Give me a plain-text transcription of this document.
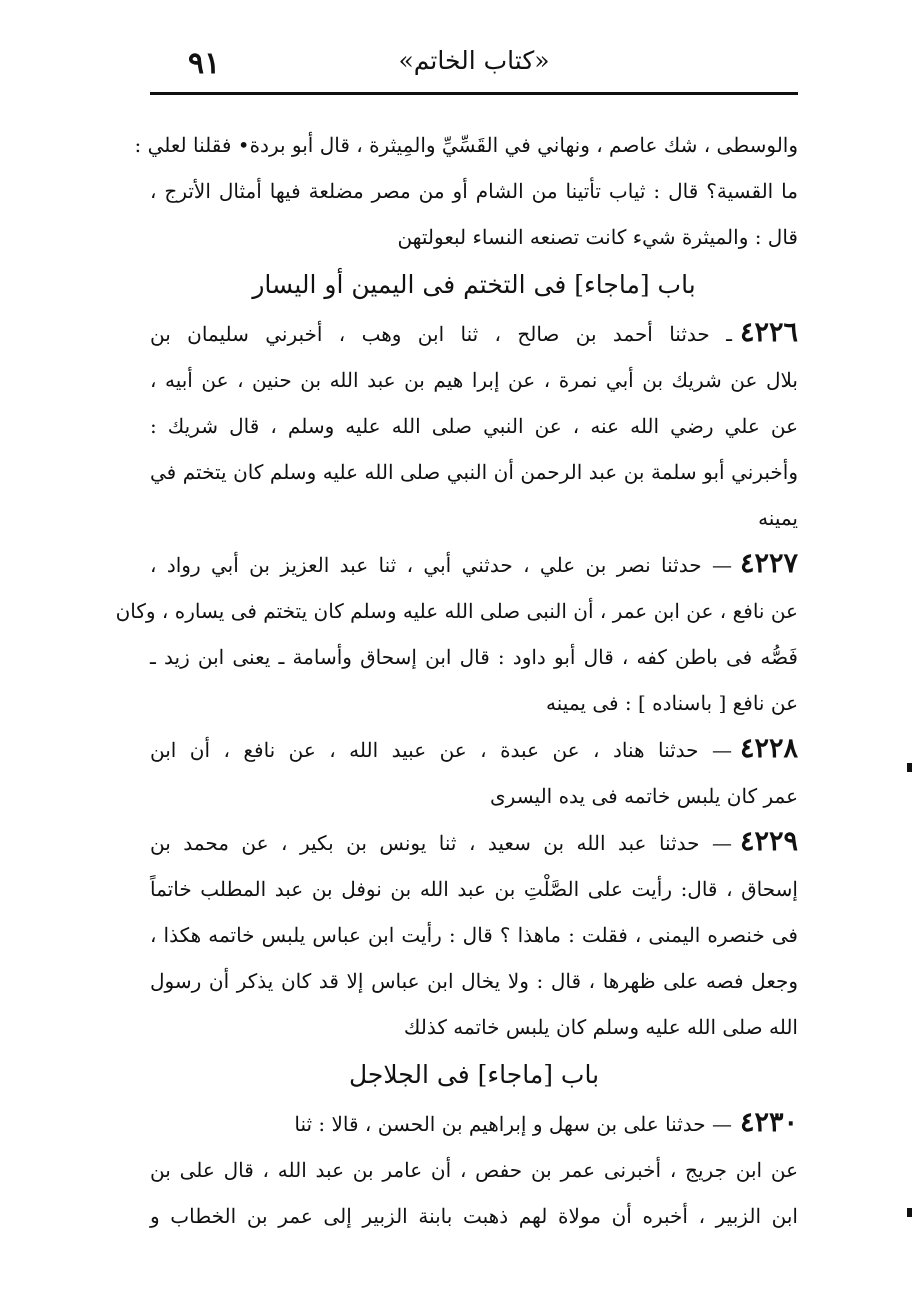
٩١	«كتاب الخاتم»
والوسطى ، شك عاصم ، ونهاني في القَسِّيِّ والمِيثرة ، قال أبو بردة• فقلنا لعلي :
ما القسية؟ قال : ثياب تأتينا من الشام أو من مصر مضلعة فيها أمثال الأترج ،
قال : والميثرة شيء كانت تصنعه النساء لبعولتهن
باب [ماجاء] فى التختم فى اليمين أو اليسار
٤٢٢٦ـ حدثنا أحمد بن صالح ، ثنا ابن وهب ، أخبرني سليمان بن
بلال عن شريك بن أبي نمرة ، عن إبرا هيم بن عبد الله بن حنين ، عن أبيه ،
عن علي رضي الله عنه ، عن النبي صلى الله عليه وسلم ، قال شريك :
وأخبرني أبو سلمة بن عبد الرحمن أن النبي صلى الله عليه وسلم كان يتختم في
يمينه
٤٢٢٧— حدثنا نصر بن علي ، حدثني أبي ، ثنا عبد العزيز بن أبي رواد ،
عن نافع ، عن ابن عمر ، أن النبى صلى الله عليه وسلم كان يتختم فى يساره ، وكان
فَصُّه فى باطن كفه ، قال أبو داود : قال ابن إسحاق وأسامة ـ يعنى ابن زيد ـ
عن نافع [ باسناده ] : فى يمينه
٤٢٢٨— حدثنا هناد ، عن عبدة ، عن عبيد الله ، عن نافع ، أن ابن
عمر كان يلبس خاتمه فى يده اليسرى
٤٢٢٩— حدثنا عبد الله بن سعيد ، ثنا يونس بن بكير ، عن محمد بن
إسحاق ، قال: رأيت على الصَّلْتِ بن عبد الله بن نوفل بن عبد المطلب خاتماً
فى خنصره اليمنى ، فقلت : ماهذا ؟ قال : رأيت ابن عباس يلبس خاتمه هكذا ،
وجعل فصه على ظهرها ، قال : ولا يخال ابن عباس إلا قد كان يذكر أن رسول
الله صلى الله عليه وسلم كان يلبس خاتمه كذلك
باب [ماجاء] فى الجلاجل
٤٢٣٠— حدثنا على بن سهل و إبراهيم بن الحسن ، قالا : ثنا
عن ابن جريج ، أخبرنى عمر بن حفص ، أن عامر بن عبد الله ، قال على بن
ابن الزبير ، أخبره أن مولاة لهم ذهبت بابنة الزبير إلى عمر بن الخطاب و
